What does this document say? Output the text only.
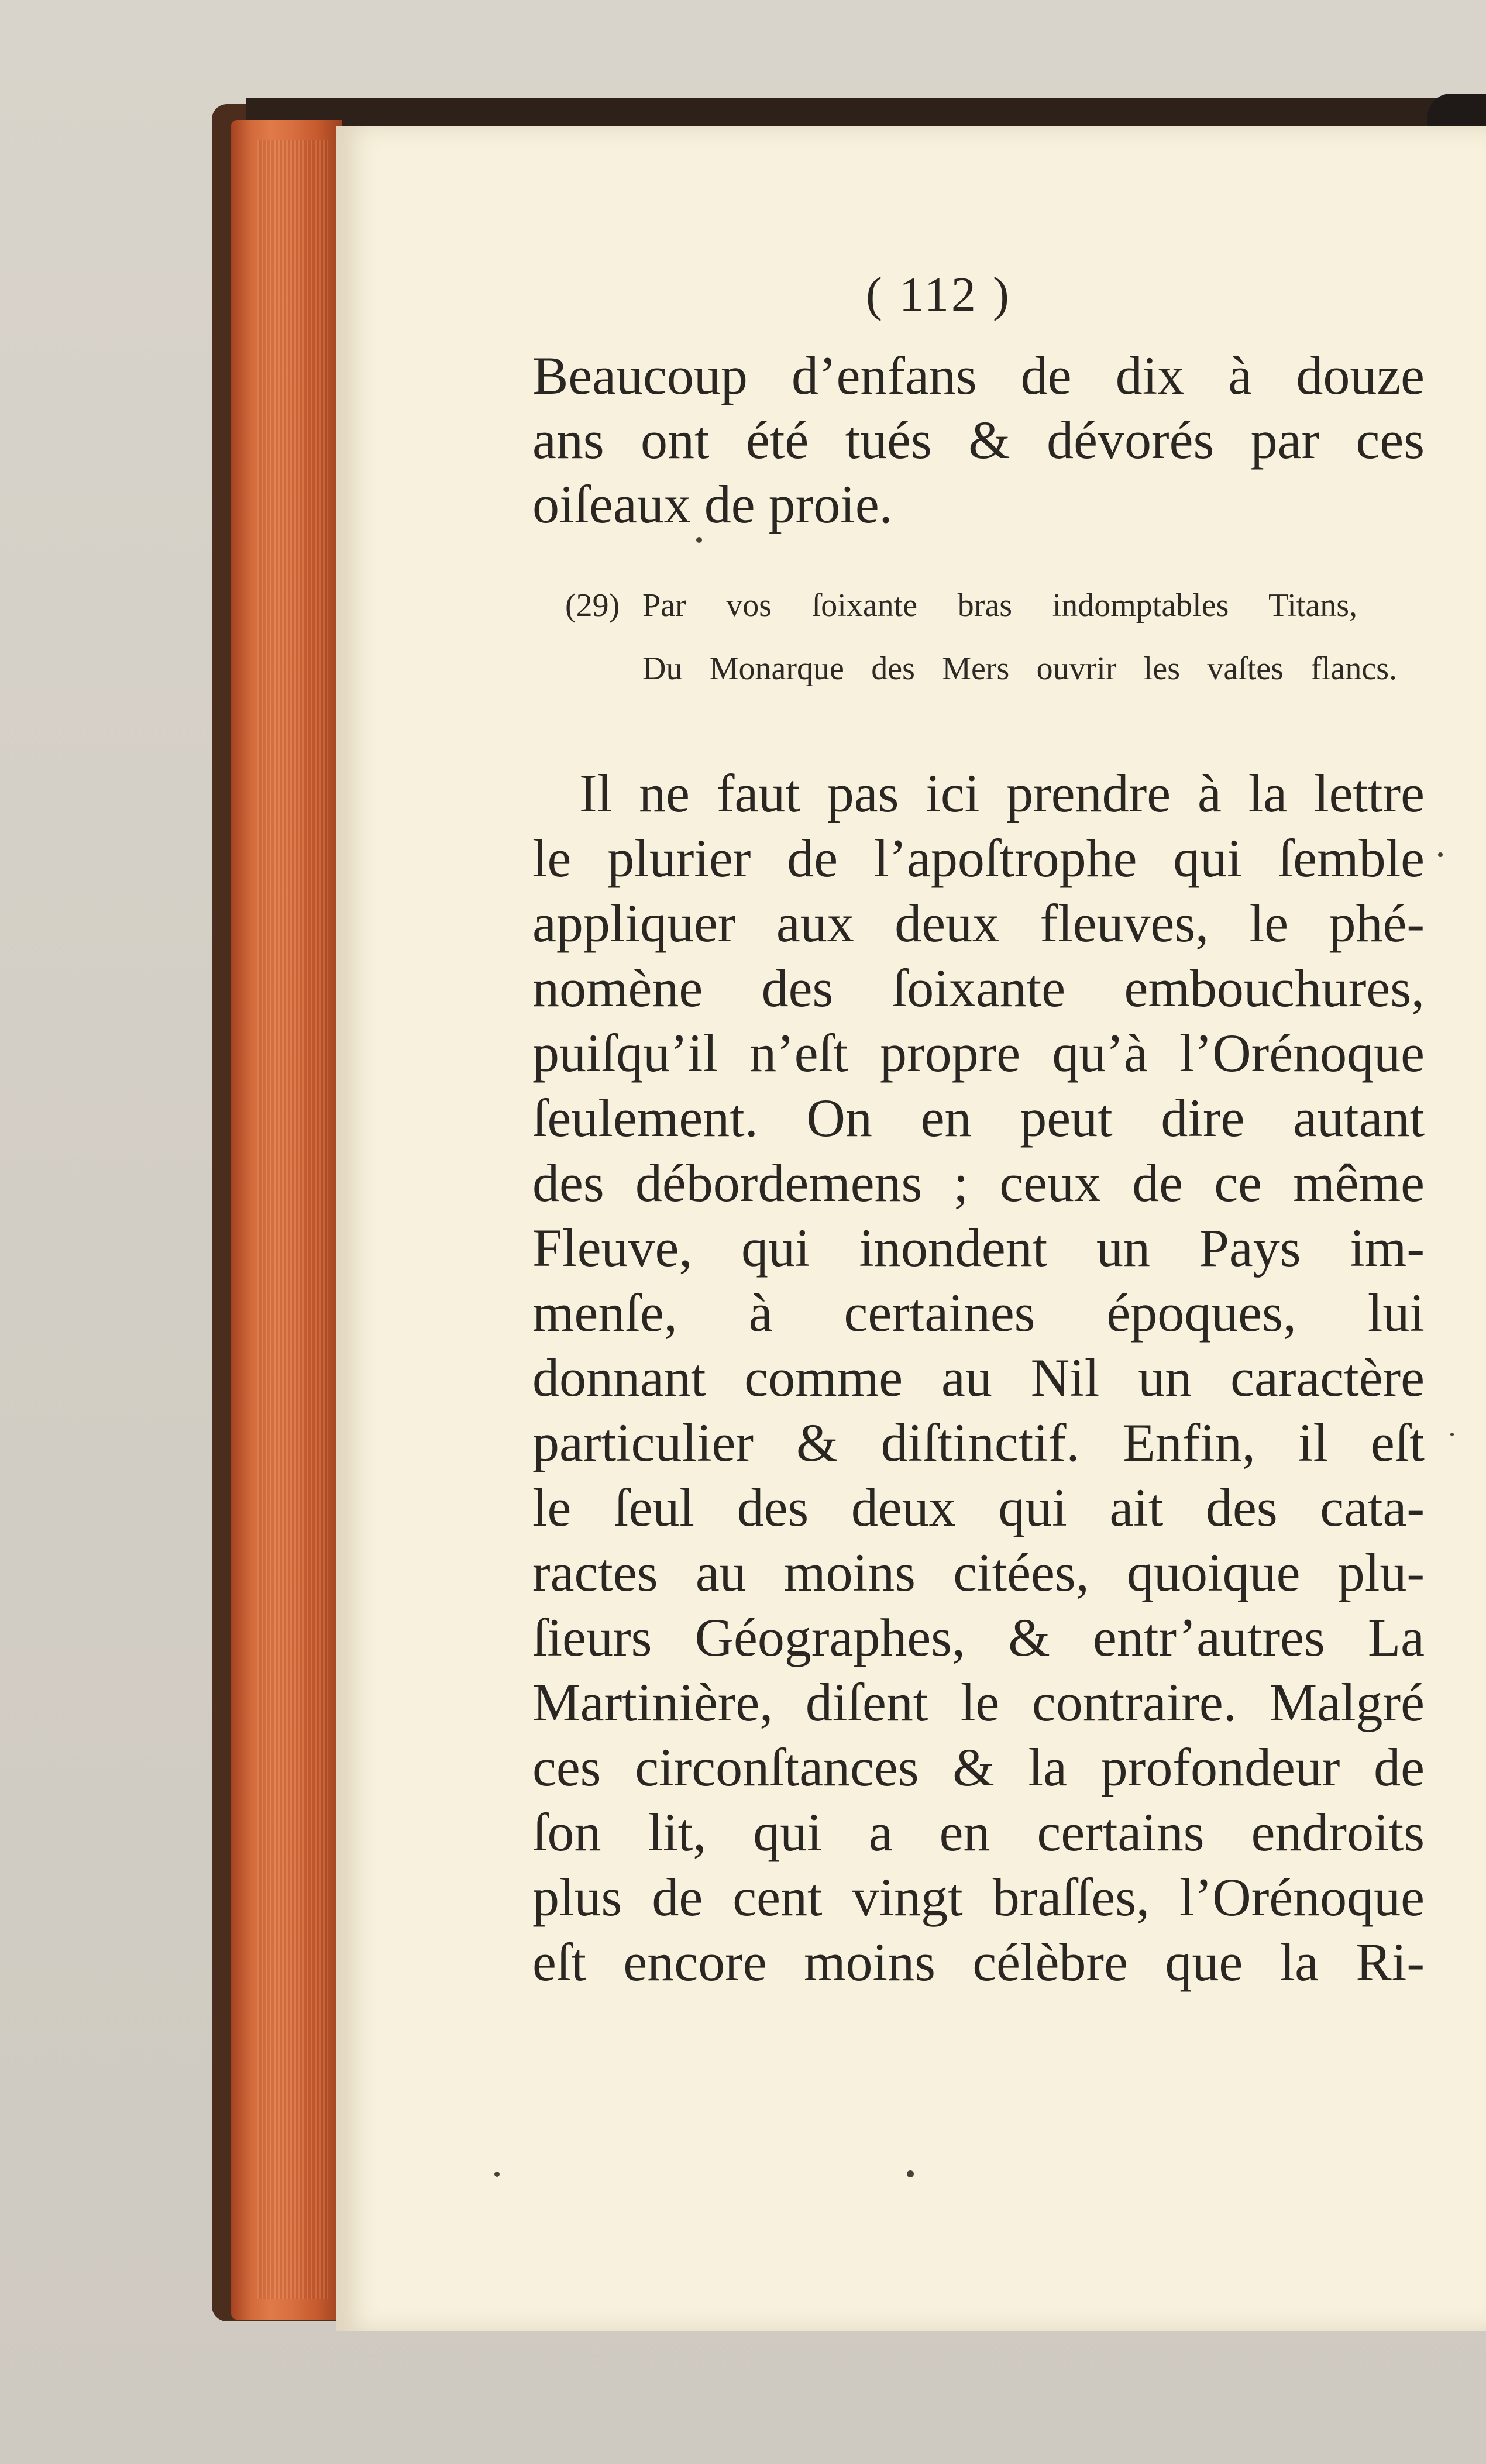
( 112 )
Beaucoup d’enfans de dix à douze
ans ont été tués & dévorés par ces
oiſeaux de proie.
(29) Par vos ſoixante bras indomptables Titans,
Du Monarque des Mers ouvrir les vaſtes flancs.
Il ne faut pas ici prendre à la lettre
le plurier de l’apoſtrophe qui ſemble
appliquer aux deux fleuves, le phé-
nomène des ſoixante embouchures,
puiſqu’il n’eſt propre qu’à l’Orénoque
ſeulement. On en peut dire autant
des débordemens ; ceux de ce même
Fleuve, qui inondent un Pays im-
menſe, à certaines époques, lui
donnant comme au Nil un caractère
particulier & diſtinctif. Enfin, il eſt
le ſeul des deux qui ait des cata-
ractes au moins citées, quoique plu-
ſieurs Géographes, & entr’autres La
Martinière, diſent le contraire. Malgré
ces circonſtances & la profondeur de
ſon lit, qui a en certains endroits
plus de cent vingt braſſes, l’Orénoque
eſt encore moins célèbre que la Ri-
